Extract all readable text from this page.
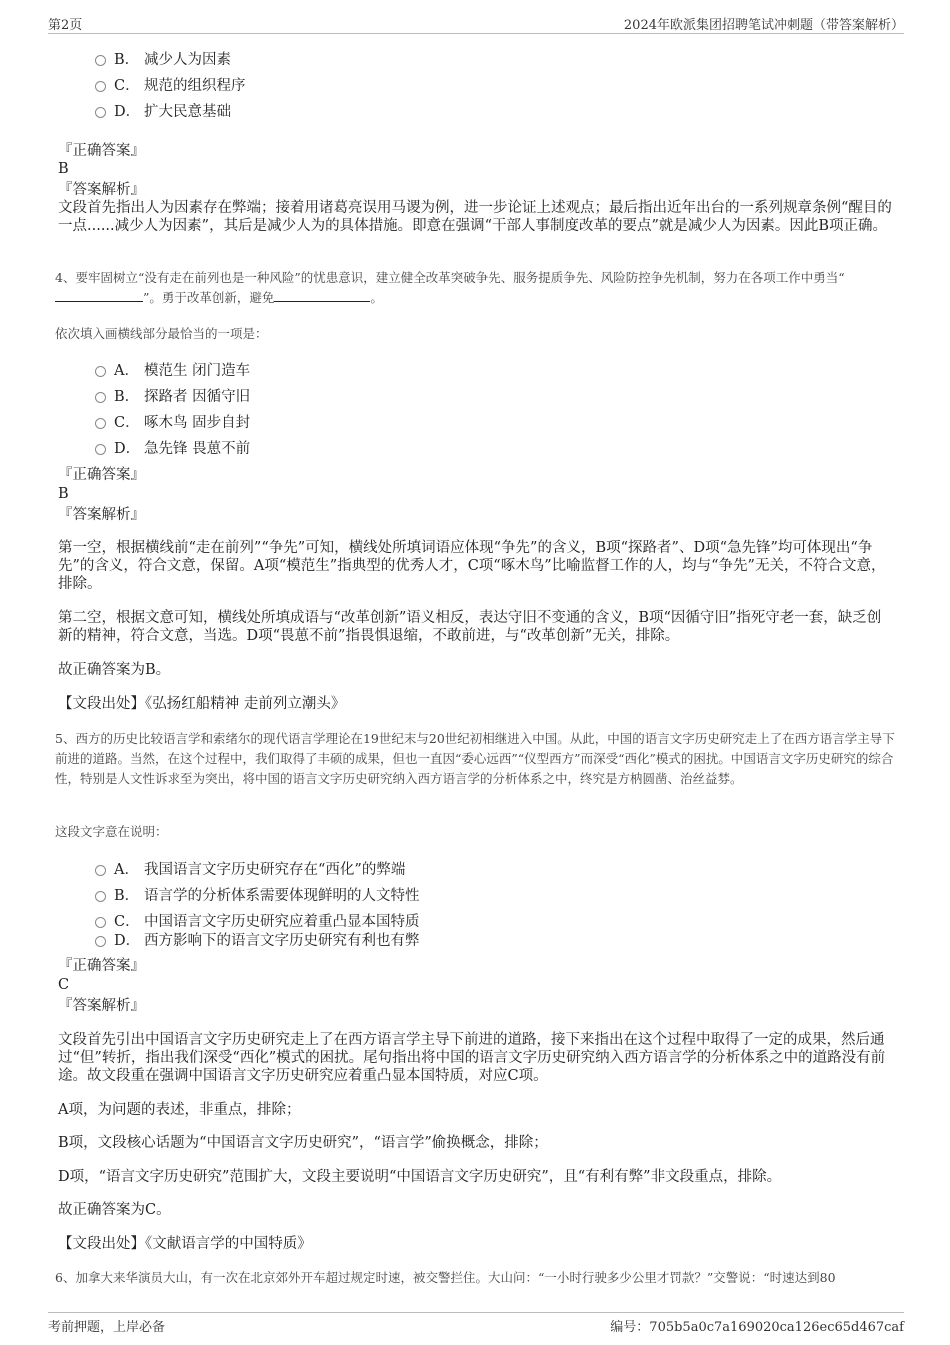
第2页	2024年欧派集团招聘笔试冲刺题（带答案解析）
B． 减少人为因素
C． 规范的组织程序
D． 扩大民意基础
『正确答案』
B
『答案解析』
文段首先指出人为因素存在弊端；接着用诸葛亮误用马谡为例，进一步论证上述观点；最后指出近年出台的一系列规章条例“醒目的一点......减少人为因素”，其后是减少人为的具体措施。即意在强调“干部人事制度改革的要点”就是减少人为因素。因此B项正确。
4、要牢固树立“没有走在前列也是一种风险”的忧患意识，建立健全改革突破争先、服务提质争先、风险防控争先机制，努力在各项工作中勇当“”。勇于改革创新，避免	。
依次填入画横线部分最恰当的一项是：
A． 模范生 闭门造车
B． 探路者 因循守旧
C． 啄木鸟 固步自封
D． 急先锋 畏葸不前
『正确答案』
B
『答案解析』
第一空，根据横线前“走在前列”“争先”可知，横线处所填词语应体现“争先”的含义，B项“探路者”、D项“急先锋”均可体现出“争先”的含义，符合文意，保留。A项“模范生”指典型的优秀人才，C项“啄木鸟”比喻监督工作的人，均与“争先”无关，不符合文意，排除。
第二空，根据文意可知，横线处所填成语与“改革创新”语义相反，表达守旧不变通的含义，B项“因循守旧”指死守老一套，缺乏创新的精神，符合文意，当选。D项“畏葸不前”指畏惧退缩，不敢前进，与“改革创新”无关，排除。
故正确答案为B。
【文段出处】《弘扬红船精神 走前列立潮头》
5、西方的历史比较语言学和索绪尔的现代语言学理论在19世纪末与20世纪初相继进入中国。从此，中国的语言文字历史研究走上了在西方语言学主导下前进的道路。当然，在这个过程中，我们取得了丰硕的成果，但也一直因“委心远西”“仪型西方”而深受“西化”模式的困扰。中国语言文字历史研究的综合性，特别是人文性诉求至为突出，将中国的语言文字历史研究纳入西方语言学的分析体系之中，终究是方枘圆凿、治丝益棼。
这段文字意在说明：
A． 我国语言文字历史研究存在“西化”的弊端
B． 语言学的分析体系需要体现鲜明的人文特性
C． 中国语言文字历史研究应着重凸显本国特质
D． 西方影响下的语言文字历史研究有利也有弊
『正确答案』
C
『答案解析』
文段首先引出中国语言文字历史研究走上了在西方语言学主导下前进的道路，接下来指出在这个过程中取得了一定的成果，然后通过“但”转折，指出我们深受“西化”模式的困扰。尾句指出将中国的语言文字历史研究纳入西方语言学的分析体系之中的道路没有前途。故文段重在强调中国语言文字历史研究应着重凸显本国特质，对应C项。
A项，为问题的表述，非重点，排除；
B项，文段核心话题为“中国语言文字历史研究”，“语言学”偷换概念，排除；
D项，“语言文字历史研究”范围扩大，文段主要说明“中国语言文字历史研究”，且“有利有弊”非文段重点，排除。
故正确答案为C。
【文段出处】《文献语言学的中国特质》
6、加拿大来华演员大山，有一次在北京郊外开车超过规定时速，被交警拦住。大山问：“一小时行驶多少公里才罚款？”交警说：“时速达到80
考前押题，上岸必备	编号：705b5a0c7a169020ca126ec65d467caf
